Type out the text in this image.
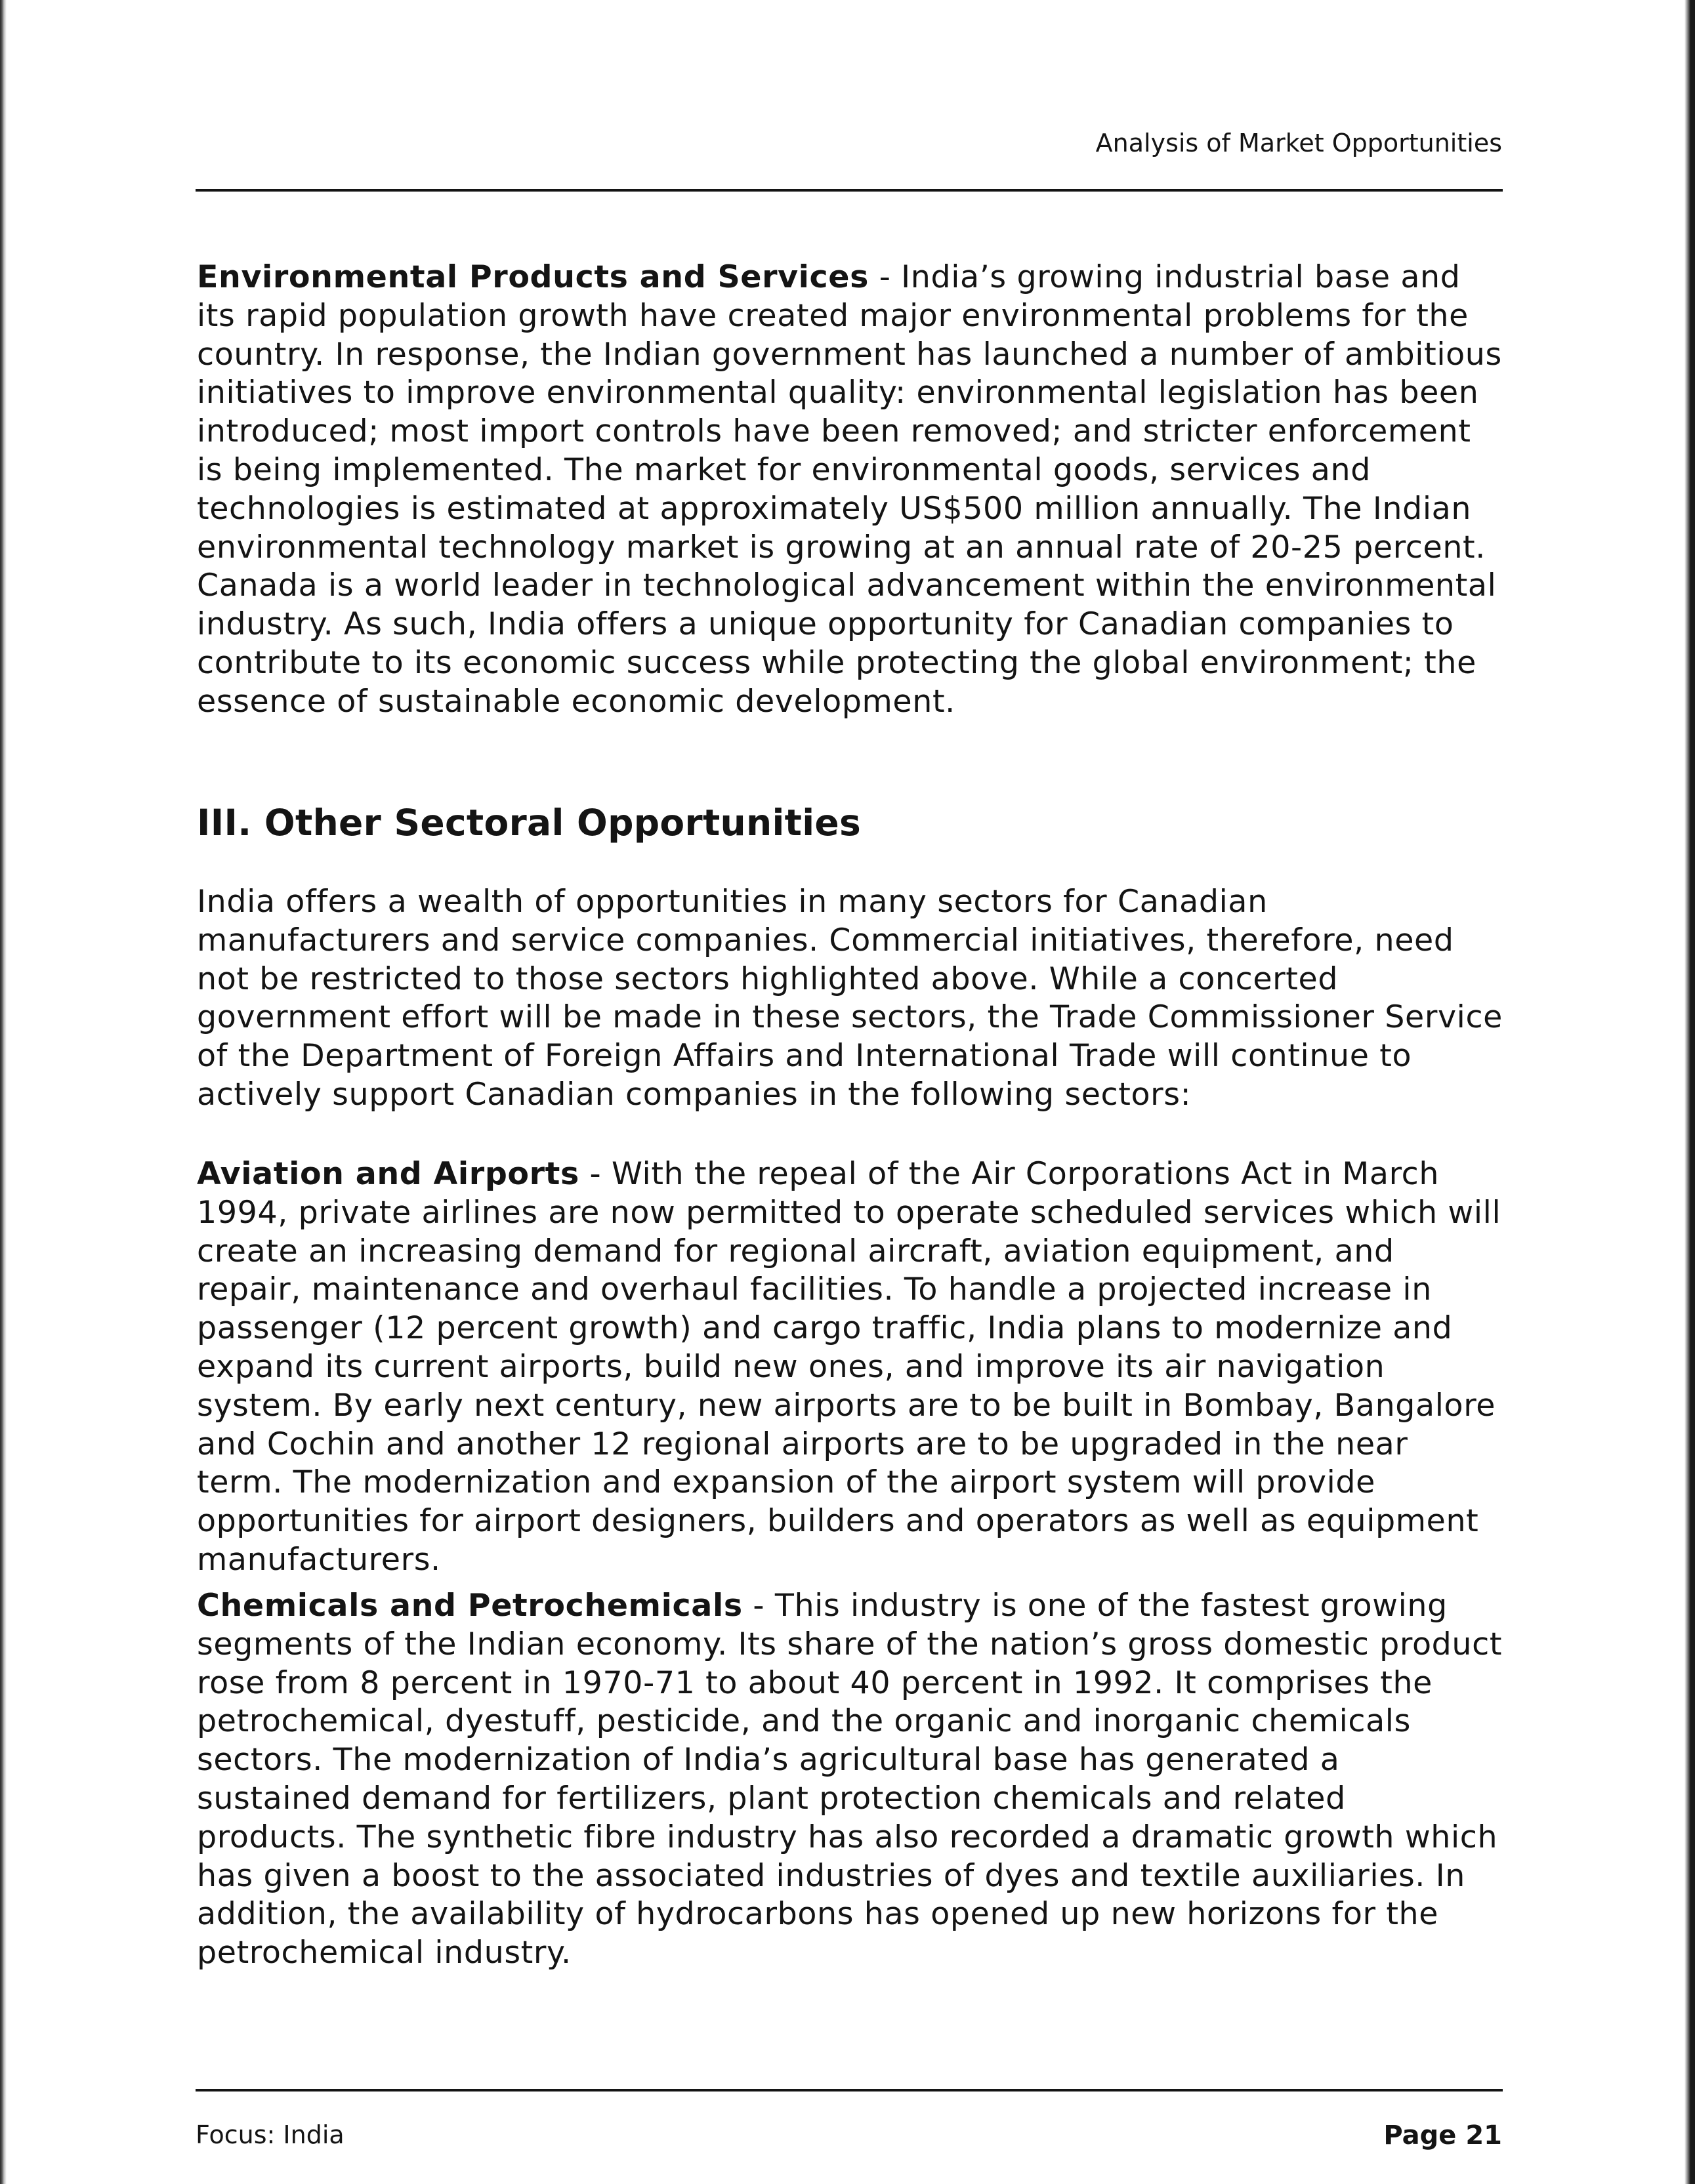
Analysis of Market Opportunities

Environmental Products and Services - India’s growing industrial base and its rapid population growth have created major environmental problems for the country. In response, the Indian government has launched a number of ambitious initiatives to improve environmental quality: environmental legislation has been introduced; most import controls have been removed; and stricter enforcement is being implemented. The market for environmental goods, services and technologies is estimated at approximately US$500 million annually. The Indian environmental technology market is growing at an annual rate of 20-25 percent. Canada is a world leader in technological advancement within the environmental industry. As such, India offers a unique opportunity for Canadian companies to contribute to its economic success while protecting the global environment; the essence of sustainable economic development.

III. Other Sectoral Opportunities

India offers a wealth of opportunities in many sectors for Canadian manufacturers and service companies. Commercial initiatives, therefore, need not be restricted to those sectors highlighted above. While a concerted government effort will be made in these sectors, the Trade Commissioner Service of the Department of Foreign Affairs and International Trade will continue to actively support Canadian companies in the following sectors:

Aviation and Airports - With the repeal of the Air Corporations Act in March 1994, private airlines are now permitted to operate scheduled services which will create an increasing demand for regional aircraft, aviation equipment, and repair, maintenance and overhaul facilities. To handle a projected increase in passenger (12 percent growth) and cargo traffic, India plans to modernize and expand its current airports, build new ones, and improve its air navigation system. By early next century, new airports are to be built in Bombay, Bangalore and Cochin and another 12 regional airports are to be upgraded in the near term. The modernization and expansion of the airport system will provide opportunities for airport designers, builders and operators as well as equipment manufacturers.

Chemicals and Petrochemicals - This industry is one of the fastest growing segments of the Indian economy. Its share of the nation’s gross domestic product rose from 8 percent in 1970-71 to about 40 percent in 1992. It comprises the petrochemical, dyestuff, pesticide, and the organic and inorganic chemicals sectors. The modernization of India’s agricultural base has generated a sustained demand for fertilizers, plant protection chemicals and related products. The synthetic fibre industry has also recorded a dramatic growth which has given a boost to the associated industries of dyes and textile auxiliaries. In addition, the availability of hydrocarbons has opened up new horizons for the petrochemical industry.

Focus: India	Page 21
